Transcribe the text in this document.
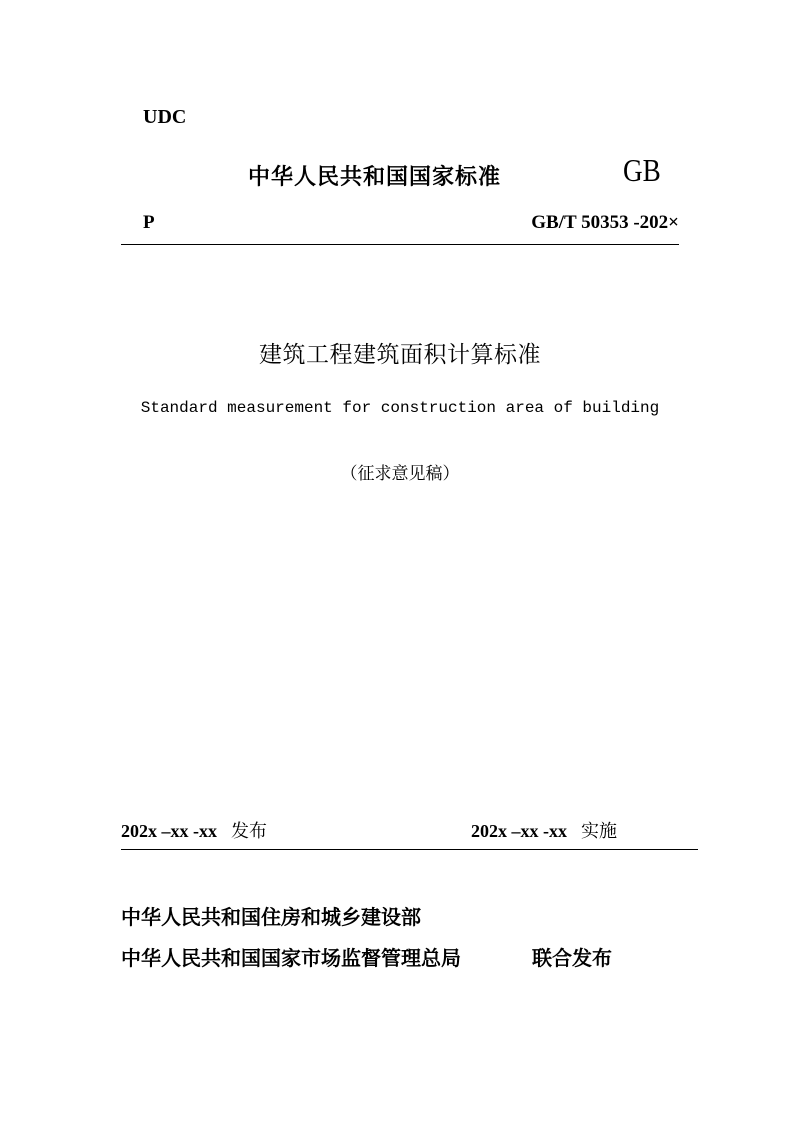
UDC
中华人民共和国国家标准	GB
P	GB/T 50353 -202×
建筑工程建筑面积计算标准
Standard measurement for construction area of building
（征求意见稿）
202x –xx -xx 发布	202x –xx -xx 实施
中华人民共和国住房和城乡建设部
中华人民共和国国家市场监督管理总局	联合发布
